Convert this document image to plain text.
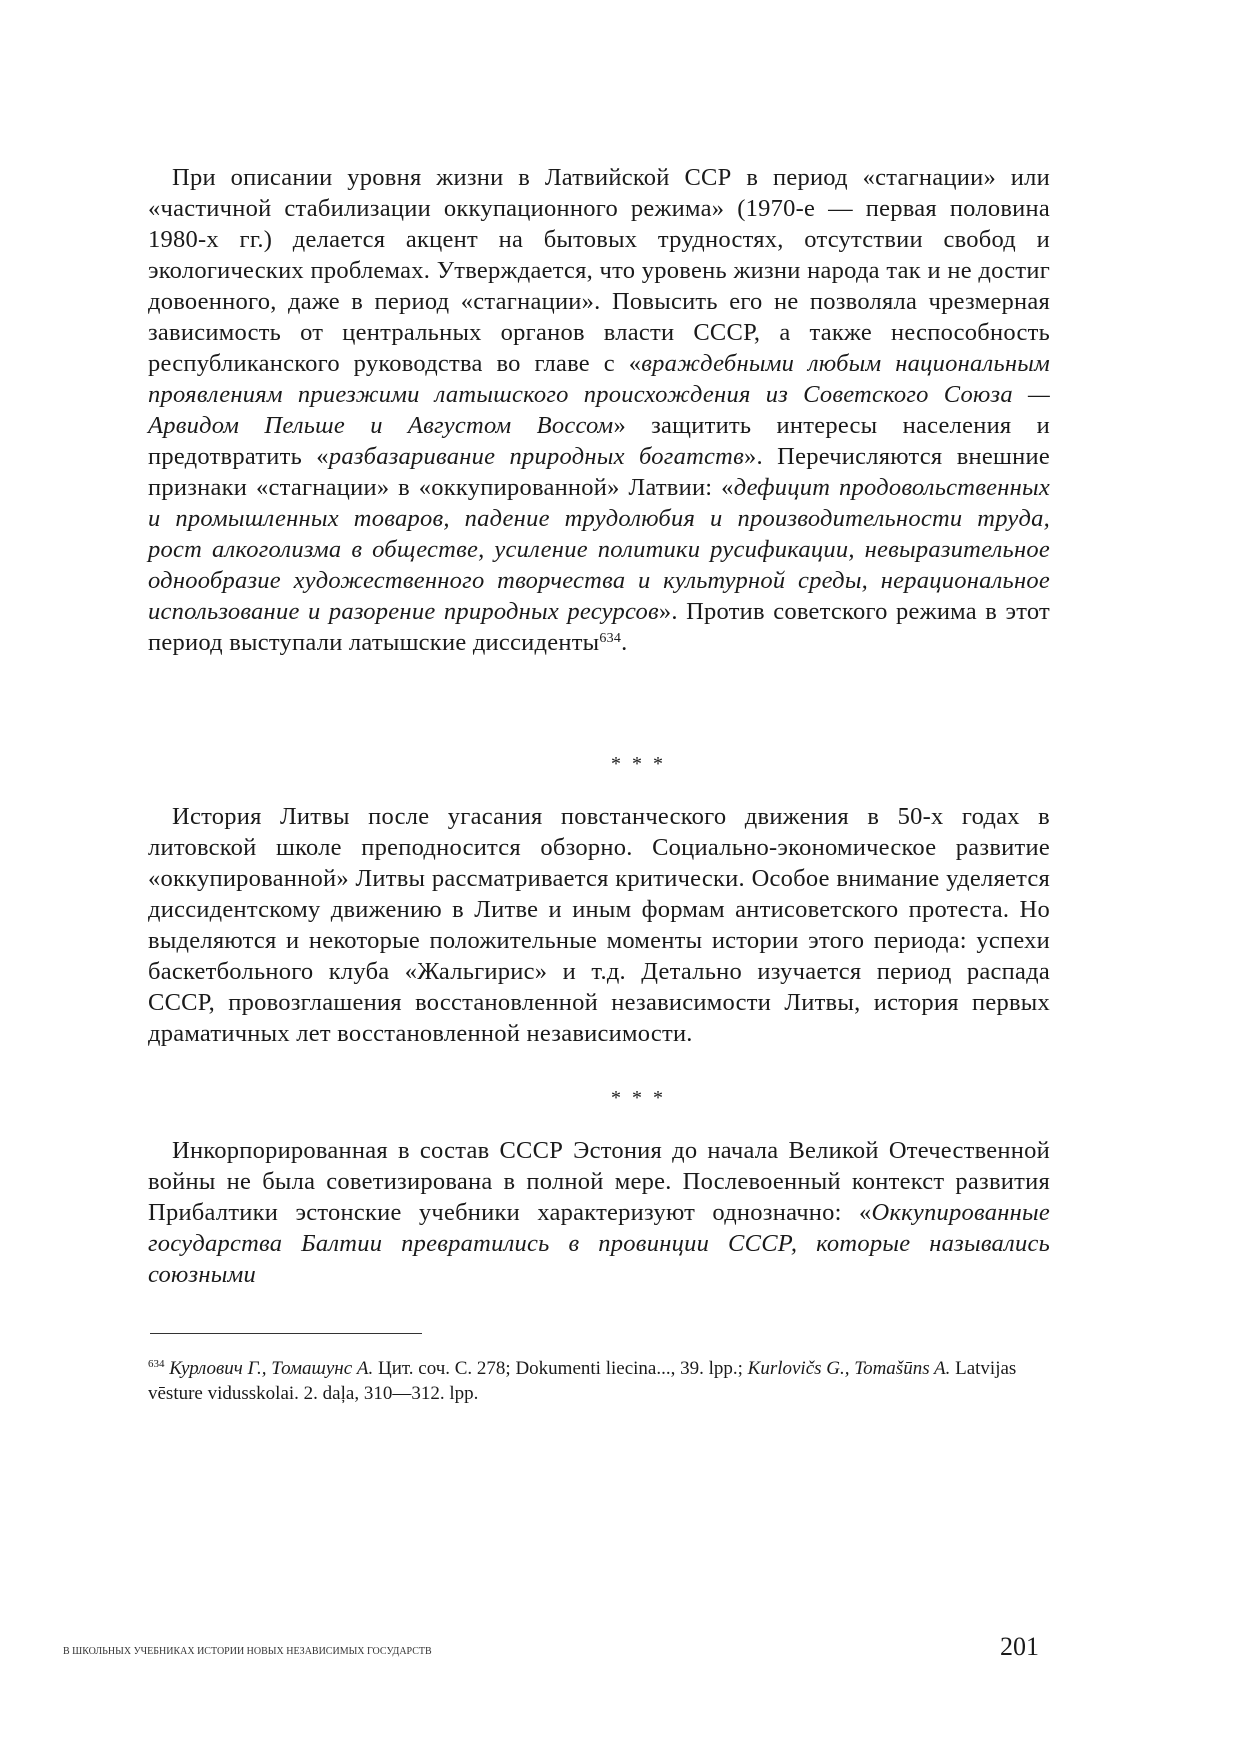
При описании уровня жизни в Латвийской ССР в период «стагнации» или «частичной стабилизации оккупационного режима» (1970-е — первая половина 1980-х гг.) делается акцент на бытовых трудностях, отсутствии свобод и экологических проблемах. Утверждается, что уровень жизни народа так и не достиг довоенного, даже в период «стагнации». Повысить его не позволяла чрезмерная зависимость от центральных органов власти СССР, а также неспособность республиканского руководства во главе с «враждебными любым национальным проявлениям приезжими латышского происхождения из Советского Союза — Арвидом Пельше и Августом Воссом» защитить интересы населения и предотвратить «разбазаривание природных богатств». Перечисляются внешние признаки «стагнации» в «оккупированной» Латвии: «дефицит продовольственных и промышленных товаров, падение трудолюбия и производительности труда, рост алкоголизма в обществе, усиление политики русификации, невыразительное однообразие художественного творчества и культурной среды, нерациональное использование и разорение природных ресурсов». Против советского режима в этот период выступали латышские диссиденты$^{634}$.

* * *

История Литвы после угасания повстанческого движения в 50-х годах в литовской школе преподносится обзорно. Социально-экономическое развитие «оккупированной» Литвы рассматривается критически. Особое внимание уделяется диссидентскому движению в Литве и иным формам антисоветского протеста. Но выделяются и некоторые положительные моменты истории этого периода: успехи баскетбольного клуба «Жальгирис» и т.д. Детально изучается период распада СССР, провозглашения восстановленной независимости Литвы, история первых драматичных лет восстановленной независимости.

* * *

Инкорпорированная в состав СССР Эстония до начала Великой Отечественной войны не была советизирована в полной мере. Послевоенный контекст развития Прибалтики эстонские учебники характеризуют однозначно: «Оккупированные государства Балтии превратились в провинции СССР, которые назывались союзными

$^{634}$ Курлович Г., Томашунс А. Цит. соч. С. 278; Dokumenti liecina..., 39. lpp.; Kurlovičs G., Tomašūns A. Latvijas vēsture vidusskolai. 2. daļa, 310—312. lpp.
В ШКОЛЬНЫХ УЧЕБНИКАХ ИСТОРИИ НОВЫХ НЕЗАВИСИМЫХ ГОСУДАРСТВ	201
